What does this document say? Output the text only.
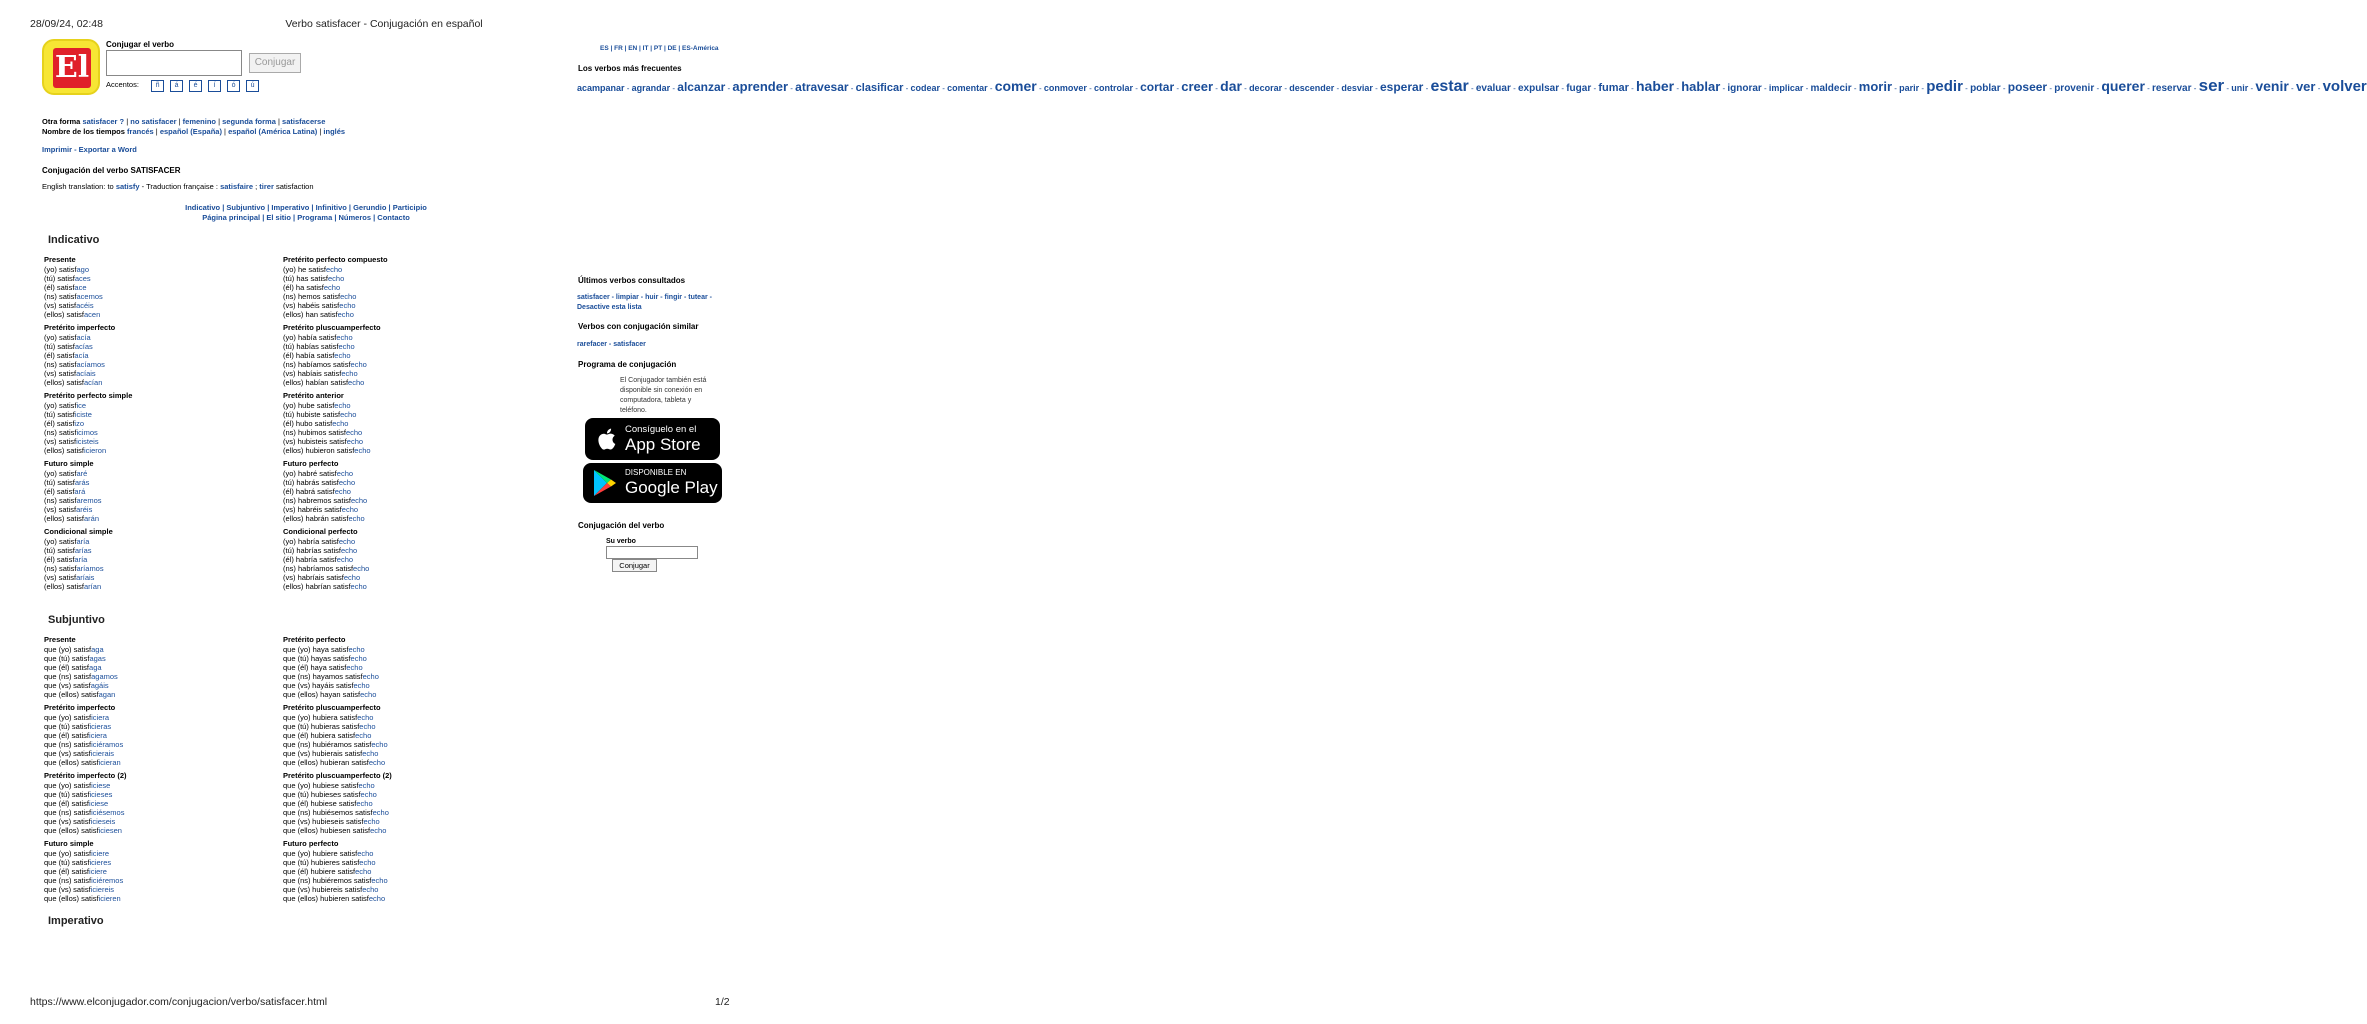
28/09/24, 02:48	Verbo satisfacer - Conjugación en español
El
Conjugar el verbo
Conjugar
Accentos: ñ á é í ó ú
ES | FR | EN | IT | PT | DE | ES-América
Otra forma satisfacer ? | no satisfacer | femenino | segunda forma | satisfacerse
Nombre de los tiempos francés | español (España) | español (América Latina) | inglés
Imprimir - Exportar a Word
Conjugación del verbo SATISFACER
English translation: to satisfy - Traduction française : satisfaire ; tirer satisfaction
Indicativo | Subjuntivo | Imperativo | Infinitivo | Gerundio | Participio
Página principal | El sitio | Programa | Números | Contacto
Indicativo
Presente
(yo) satisfago
(tú) satisfaces
(él) satisface
(ns) satisfacemos
(vs) satisfacéis
(ellos) satisfacen
Pretérito perfecto compuesto
(yo) he satisfecho
(tú) has satisfecho
(él) ha satisfecho
(ns) hemos satisfecho
(vs) habéis satisfecho
(ellos) han satisfecho
Pretérito imperfecto
(yo) satisfacía
(tú) satisfacías
(él) satisfacía
(ns) satisfacíamos
(vs) satisfacíais
(ellos) satisfacían
Pretérito pluscuamperfecto
(yo) había satisfecho
(tú) habías satisfecho
(él) había satisfecho
(ns) habíamos satisfecho
(vs) habíais satisfecho
(ellos) habían satisfecho
Pretérito perfecto simple
(yo) satisfice
(tú) satisficiste
(él) satisfizo
(ns) satisficimos
(vs) satisficisteis
(ellos) satisficieron
Pretérito anterior
(yo) hube satisfecho
(tú) hubiste satisfecho
(él) hubo satisfecho
(ns) hubimos satisfecho
(vs) hubisteis satisfecho
(ellos) hubieron satisfecho
Futuro simple
(yo) satisfaré
(tú) satisfarás
(él) satisfará
(ns) satisfaremos
(vs) satisfaréis
(ellos) satisfarán
Futuro perfecto
(yo) habré satisfecho
(tú) habrás satisfecho
(él) habrá satisfecho
(ns) habremos satisfecho
(vs) habréis satisfecho
(ellos) habrán satisfecho
Condicional simple
(yo) satisfaría
(tú) satisfarías
(él) satisfaría
(ns) satisfaríamos
(vs) satisfaríais
(ellos) satisfarían
Condicional perfecto
(yo) habría satisfecho
(tú) habrías satisfecho
(él) habría satisfecho
(ns) habríamos satisfecho
(vs) habríais satisfecho
(ellos) habrían satisfecho
Subjuntivo
Presente
que (yo) satisfaga
que (tú) satisfagas
que (él) satisfaga
que (ns) satisfagamos
que (vs) satisfagáis
que (ellos) satisfagan
Pretérito perfecto
que (yo) haya satisfecho
que (tú) hayas satisfecho
que (él) haya satisfecho
que (ns) hayamos satisfecho
que (vs) hayáis satisfecho
que (ellos) hayan satisfecho
Pretérito imperfecto
que (yo) satisficiera
que (tú) satisficieras
que (él) satisficiera
que (ns) satisficiéramos
que (vs) satisficierais
que (ellos) satisficieran
Pretérito pluscuamperfecto
que (yo) hubiera satisfecho
que (tú) hubieras satisfecho
que (él) hubiera satisfecho
que (ns) hubiéramos satisfecho
que (vs) hubierais satisfecho
que (ellos) hubieran satisfecho
Pretérito imperfecto (2)
que (yo) satisficiese
que (tú) satisficieses
que (él) satisficiese
que (ns) satisficiésemos
que (vs) satisficieseis
que (ellos) satisficiesen
Pretérito pluscuamperfecto (2)
que (yo) hubiese satisfecho
que (tú) hubieses satisfecho
que (él) hubiese satisfecho
que (ns) hubiésemos satisfecho
que (vs) hubieseis satisfecho
que (ellos) hubiesen satisfecho
Futuro simple
que (yo) satisficiere
que (tú) satisficieres
que (él) satisficiere
que (ns) satisficiéremos
que (vs) satisficiereis
que (ellos) satisficieren
Futuro perfecto
que (yo) hubiere satisfecho
que (tú) hubieres satisfecho
que (él) hubiere satisfecho
que (ns) hubiéremos satisfecho
que (vs) hubiereis satisfecho
que (ellos) hubieren satisfecho
Imperativo
Los verbos más frecuentes
acampanar - agrandar - alcanzar - aprender - atravesar - clasificar - codear - comentar - comer - conmover - controlar - cortar - creer - dar - decorar - descender - desviar - esperar - estar - evaluar - expulsar - fugar - fumar - haber - hablar - ignorar - implicar - maldecir - morir - parir - pedir - poblar - poseer - provenir - querer - reservar - ser - unir - venir - ver - volver
Últimos verbos consultados
satisfacer - limpiar - huir - fingir - tutear - Desactive esta lista
Verbos con conjugación similar
rarefacer - satisfacer
Programa de conjugación
El Conjugador también está disponible sin conexión en computadora, tableta y teléfono.
Consíguelo en el
App Store
DISPONIBLE EN
Google Play
Conjugación del verbo
Su verbo
Conjugar
https://www.elconjugador.com/conjugacion/verbo/satisfacer.html	1/2
